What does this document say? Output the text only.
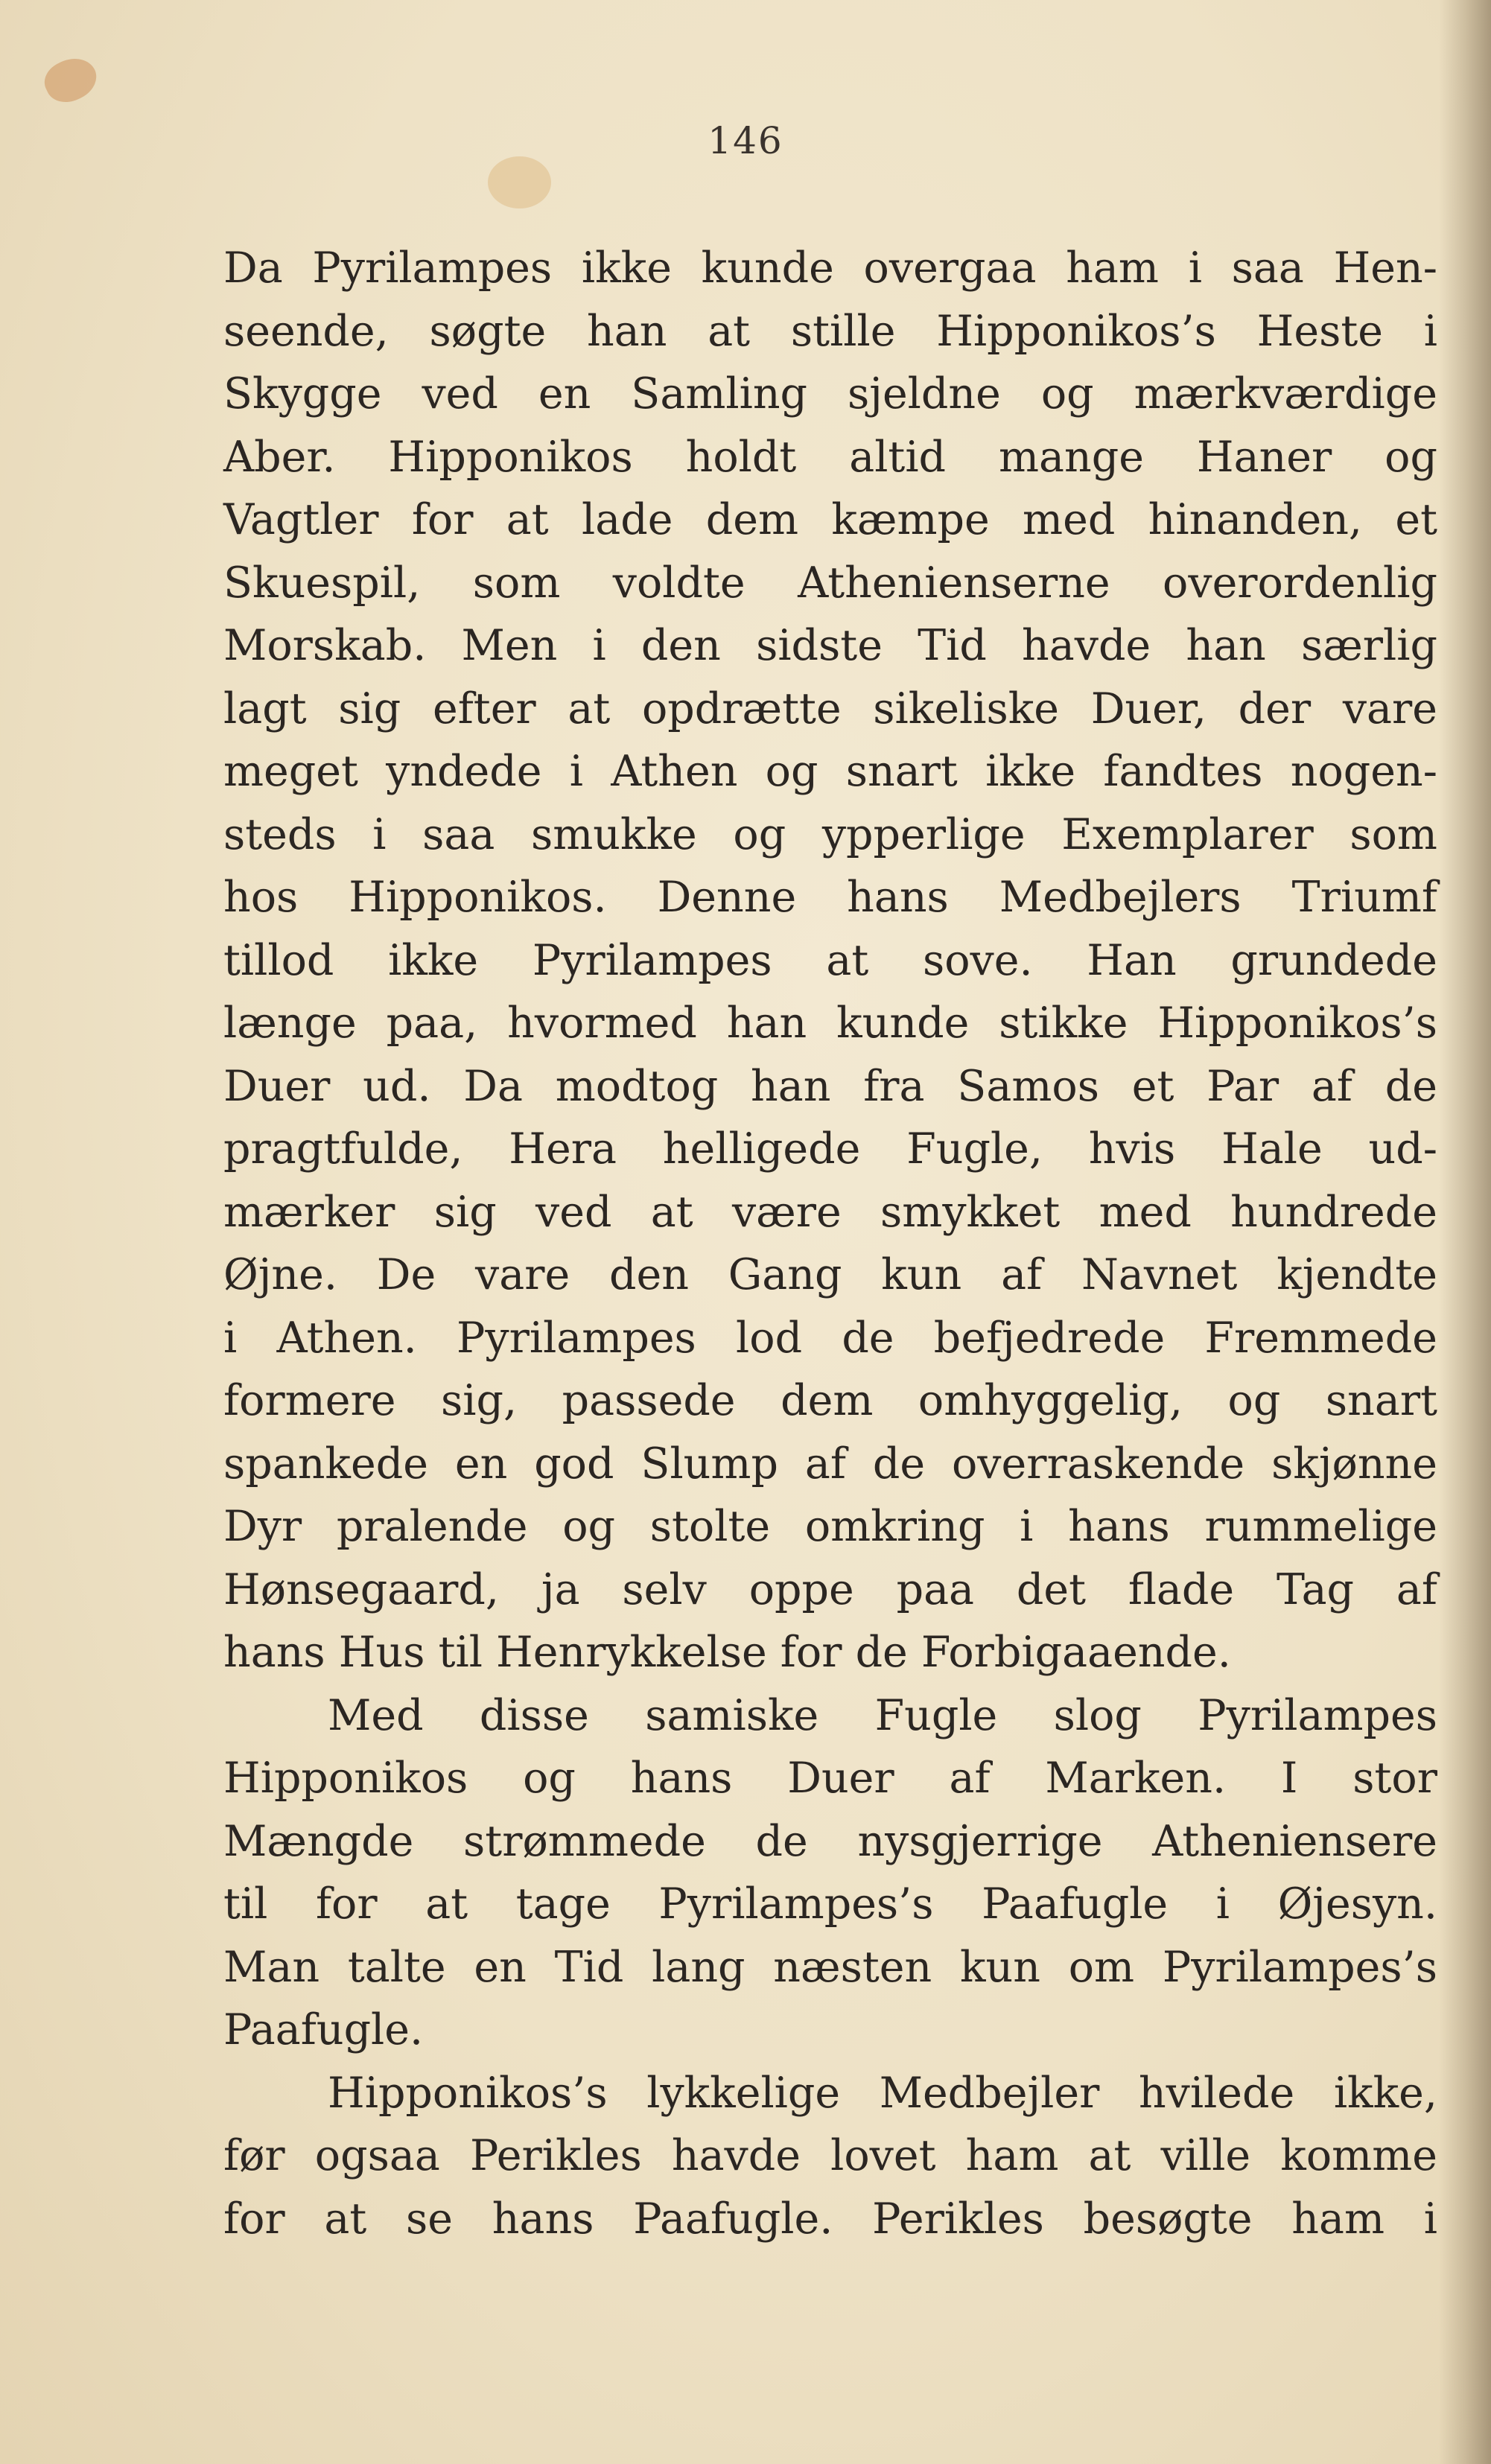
146
Da Pyrilampes ikke kunde overgaa ham i saa Hen-
seende, søgte han at stille Hipponikos’s Heste i
Skygge ved en Samling sjeldne og mærkværdige
Aber. Hipponikos holdt altid mange Haner og
Vagtler for at lade dem kæmpe med hinanden, et
Skuespil, som voldte Athenienserne overordenlig
Morskab. Men i den sidste Tid havde han særlig
lagt sig efter at opdrætte sikeliske Duer, der vare
meget yndede i Athen og snart ikke fandtes nogen-
steds i saa smukke og ypperlige Exemplarer som
hos Hipponikos. Denne hans Medbejlers Triumf
tillod ikke Pyrilampes at sove. Han grundede
længe paa, hvormed han kunde stikke Hipponikos’s
Duer ud. Da modtog han fra Samos et Par af de
pragtfulde, Hera helligede Fugle, hvis Hale ud-
mærker sig ved at være smykket med hundrede
Øjne. De vare den Gang kun af Navnet kjendte
i Athen. Pyrilampes lod de befjedrede Fremmede
formere sig, passede dem omhyggelig, og snart
spankede en god Slump af de overraskende skjønne
Dyr pralende og stolte omkring i hans rummelige
Hønsegaard, ja selv oppe paa det flade Tag af
hans Hus til Henrykkelse for de Forbigaaende.
Med disse samiske Fugle slog Pyrilampes
Hipponikos og hans Duer af Marken. I stor
Mængde strømmede de nysgjerrige Atheniensere
til for at tage Pyrilampes’s Paafugle i Øjesyn.
Man talte en Tid lang næsten kun om Pyrilampes’s
Paafugle.
Hipponikos’s lykkelige Medbejler hvilede ikke,
før ogsaa Perikles havde lovet ham at ville komme
for at se hans Paafugle. Perikles besøgte ham i
